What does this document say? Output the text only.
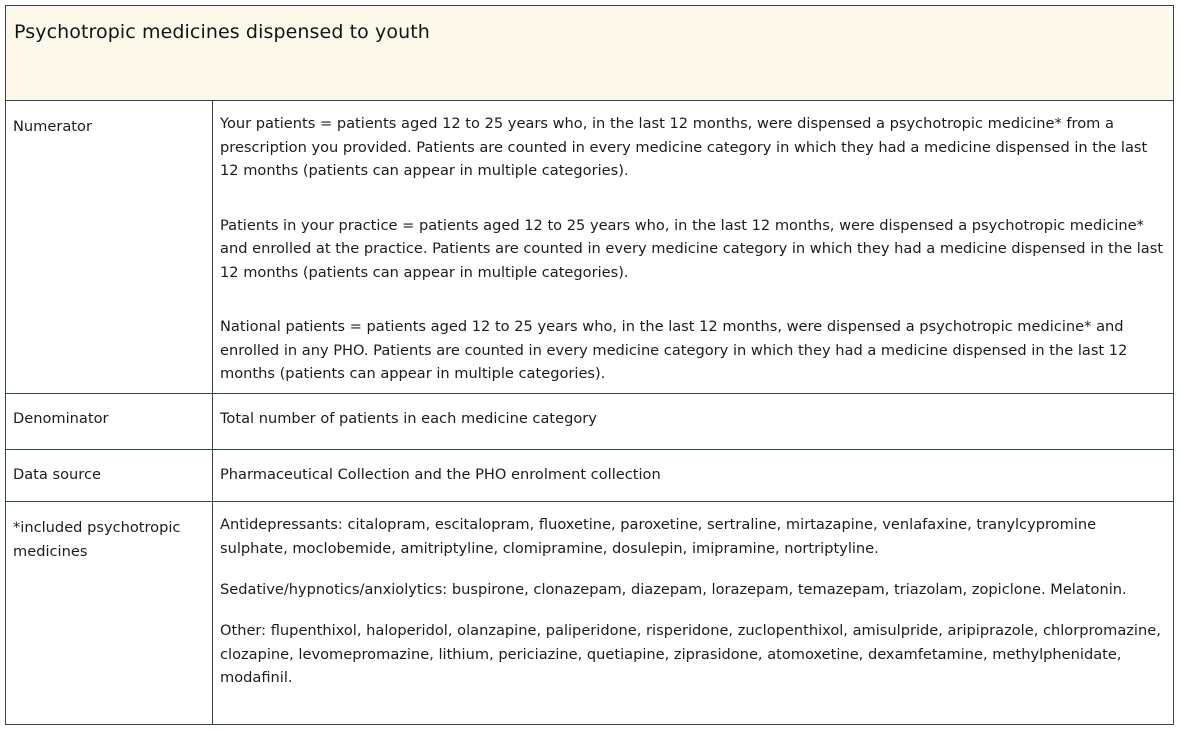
Psychotropic medicines dispensed to youth
Numerator	Your patients = patients aged 12 to 25 years who, in the last 12 months, were dispensed a psychotropic medicine* from a prescription you provided. Patients are counted in every medicine category in which they had a medicine dispensed in the last 12 months (patients can appear in multiple categories).

Patients in your practice = patients aged 12 to 25 years who, in the last 12 months, were dispensed a psychotropic medicine* and enrolled at the practice. Patients are counted in every medicine category in which they had a medicine dispensed in the last 12 months (patients can appear in multiple categories).

National patients = patients aged 12 to 25 years who, in the last 12 months, were dispensed a psychotropic medicine* and enrolled in any PHO. Patients are counted in every medicine category in which they had a medicine dispensed in the last 12 months (patients can appear in multiple categories).

Denominator	Total number of patients in each medicine category
Data source	Pharmaceutical Collection and the PHO enrolment collection
*included psychotropic medicines

Antidepressants: citalopram, escitalopram, fluoxetine, paroxetine, sertraline, mirtazapine, venlafaxine, tranylcypromine sulphate, moclobemide, amitriptyline, clomipramine, dosulepin, imipramine, nortriptyline.

Sedative/hypnotics/anxiolytics: buspirone, clonazepam, diazepam, lorazepam, temazepam, triazolam, zopiclone. Melatonin.

Other: flupenthixol, haloperidol, olanzapine, paliperidone, risperidone, zuclopenthixol, amisulpride, aripiprazole, chlorpromazine, clozapine, levomepromazine, lithium, periciazine, quetiapine, ziprasidone, atomoxetine, dexamfetamine, methylphenidate, modafinil.
